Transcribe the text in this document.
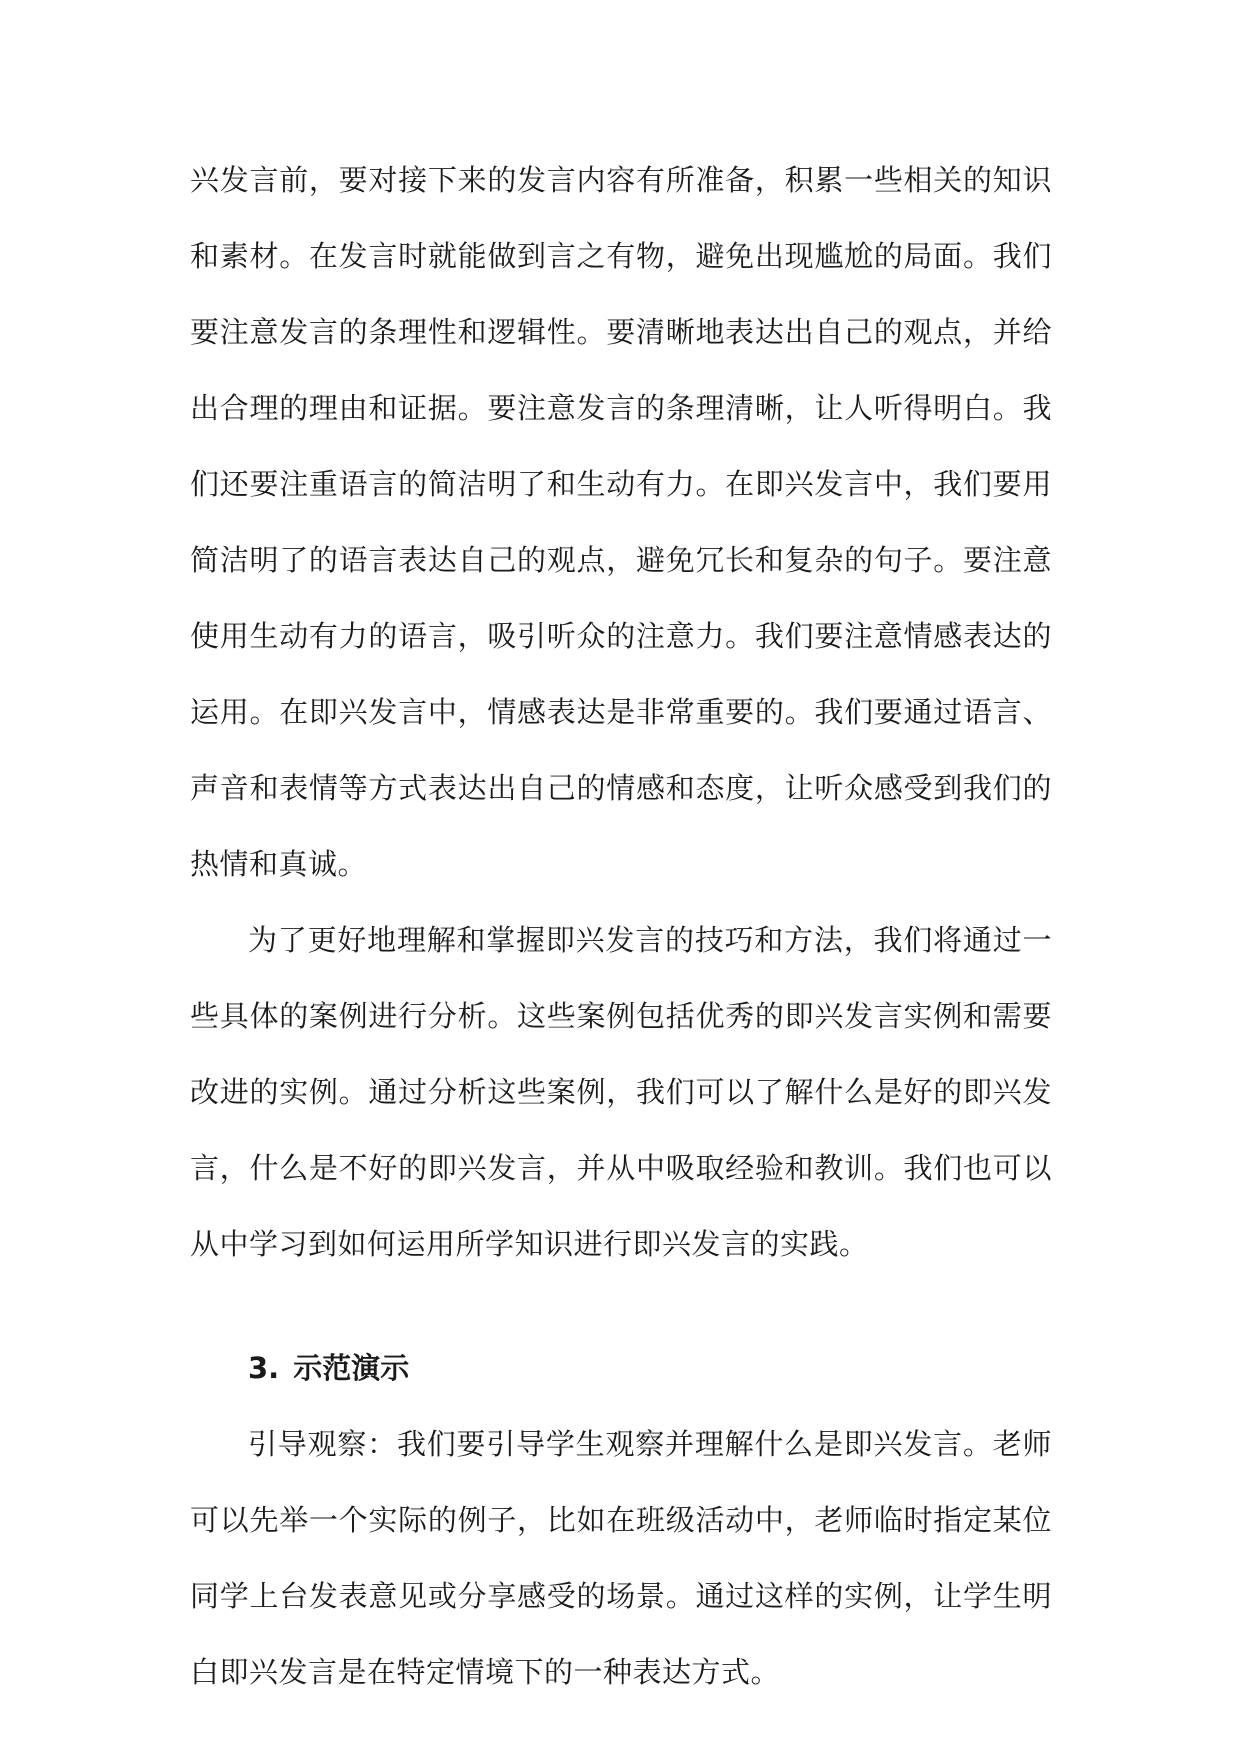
兴发言前，要对接下来的发言内容有所准备，积累一些相关的知识和素材。在发言时就能做到言之有物，避免出现尴尬的局面。我们要注意发言的条理性和逻辑性。要清晰地表达出自己的观点，并给出合理的理由和证据。要注意发言的条理清晰，让人听得明白。我们还要注重语言的简洁明了和生动有力。在即兴发言中，我们要用简洁明了的语言表达自己的观点，避免冗长和复杂的句子。要注意使用生动有力的语言，吸引听众的注意力。我们要注意情感表达的运用。在即兴发言中，情感表达是非常重要的。我们要通过语言、声音和表情等方式表达出自己的情感和态度，让听众感受到我们的热情和真诚。

为了更好地理解和掌握即兴发言的技巧和方法，我们将通过一些具体的案例进行分析。这些案例包括优秀的即兴发言实例和需要改进的实例。通过分析这些案例，我们可以了解什么是好的即兴发言，什么是不好的即兴发言，并从中吸取经验和教训。我们也可以从中学习到如何运用所学知识进行即兴发言的实践。

3. 示范演示

引导观察：我们要引导学生观察并理解什么是即兴发言。老师可以先举一个实际的例子，比如在班级活动中，老师临时指定某位同学上台发表意见或分享感受的场景。通过这样的实例，让学生明白即兴发言是在特定情境下的一种表达方式。
